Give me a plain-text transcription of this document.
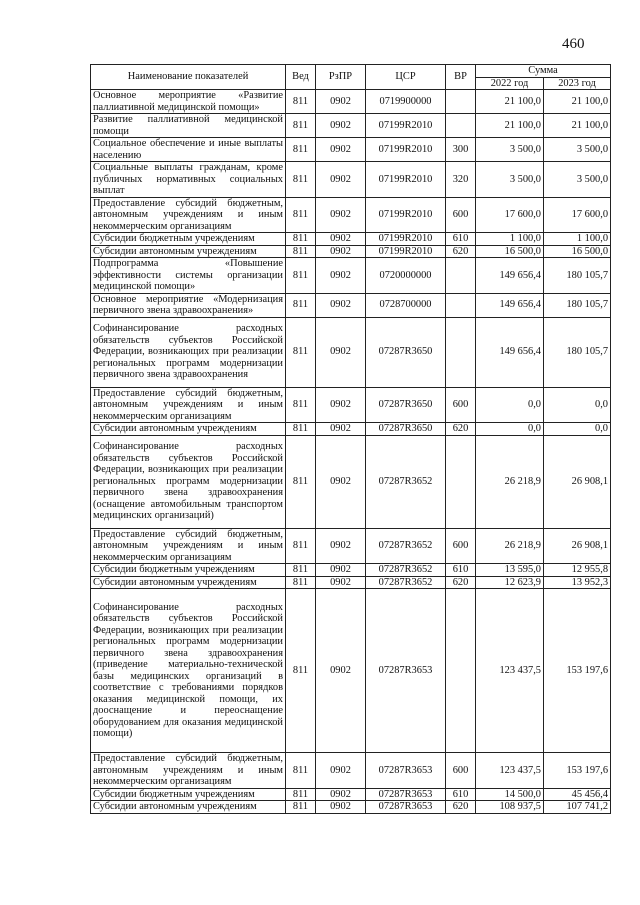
460
Наименование показателей	Вед	РзПР	ЦСР	ВР	Сумма	
					2022 год	2023 год
Основное мероприятие «Развитие паллиативной медицинской помощи»	811	0902	0719900000		21 100,0	21 100,0
Развитие паллиативной медицинской помощи	811	0902	07199R2010		21 100,0	21 100,0
Социальное обеспечение и иные выплаты населению	811	0902	07199R2010	300	3 500,0	3 500,0
Социальные выплаты гражданам, кроме публичных нормативных социальных выплат	811	0902	07199R2010	320	3 500,0	3 500,0
Предоставление субсидий бюджетным, автономным учреждениям и иным некоммерческим организациям	811	0902	07199R2010	600	17 600,0	17 600,0
Субсидии бюджетным учреждениям	811	0902	07199R2010	610	1 100,0	1 100,0
Субсидии автономным учреждениям	811	0902	07199R2010	620	16 500,0	16 500,0
Подпрограмма «Повышение эффективности системы организации медицинской помощи»	811	0902	0720000000		149 656,4	180 105,7
Основное мероприятие «Модернизация первичного звена здравоохранения»	811	0902	0728700000		149 656,4	180 105,7
Софинансирование расходных обязательств субъектов Российской Федерации, возникающих при реализации региональных программ модернизации первичного звена здравоохранения	811	0902	07287R3650		149 656,4	180 105,7
Предоставление субсидий бюджетным, автономным учреждениям и иным некоммерческим организациям	811	0902	07287R3650	600	0,0	0,0
Субсидии автономным учреждениям	811	0902	07287R3650	620	0,0	0,0
Софинансирование расходных обязательств субъектов Российской Федерации, возникающих при реализации региональных программ модернизации первичного звена здравоохранения (оснащение автомобильным транспортом медицинских организаций)	811	0902	07287R3652		26 218,9	26 908,1
Предоставление субсидий бюджетным, автономным учреждениям и иным некоммерческим организациям	811	0902	07287R3652	600	26 218,9	26 908,1
Субсидии бюджетным учреждениям	811	0902	07287R3652	610	13 595,0	12 955,8
Субсидии автономным учреждениям	811	0902	07287R3652	620	12 623,9	13 952,3
Софинансирование расходных обязательств субъектов Российской Федерации, возникающих при реализации региональных программ модернизации первичного звена здравоохранения (приведение материально-технической базы медицинских организаций в соответствие с требованиями порядков оказания медицинской помощи, их дооснащение и переоснащение оборудованием для оказания медицинской помощи)	811	0902	07287R3653		123 437,5	153 197,6
Предоставление субсидий бюджетным, автономным учреждениям и иным некоммерческим организациям	811	0902	07287R3653	600	123 437,5	153 197,6
Субсидии бюджетным учреждениям	811	0902	07287R3653	610	14 500,0	45 456,4
Субсидии автономным учреждениям	811	0902	07287R3653	620	108 937,5	107 741,2
